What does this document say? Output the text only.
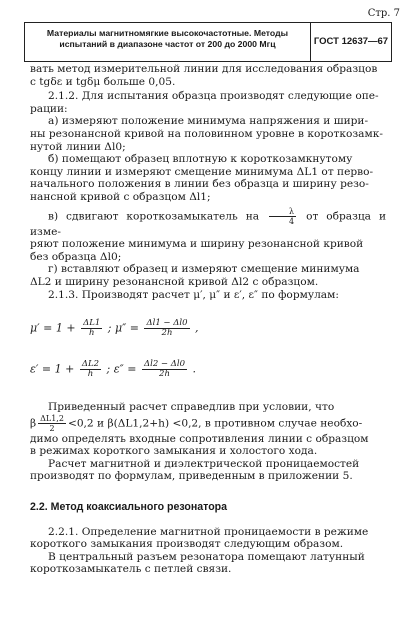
Стр. 7
Материалы магнитномягкие высокочастотные. Методы
испытаний в диапазоне частот от 200 до 2000 Мгц	ГОСТ 12637—67

вать метод измерительной линии для исследования образцов

с tgδε и tgδμ больше 0,05.

2.1.2. Для испытания образца производят следующие опе-

рации:

а) измеряют положение минимума напряжения и шири-

ны резонансной кривой на половинном уровне в короткозамк-

нутой линии Δl0;

б) помещают образец вплотную к короткозамкнутому

концу линии и измеряют смещение минимума ΔL1 от перво-

начального положения в линии без образца и ширину резо-

нансной кривой с образцом Δl1;

в) сдвигают короткозамыкатель на $\frac{\lambda}{4}$ от образца и изме-

ряют положение минимума и ширину резонансной кривой

без образца Δl0;

г) вставляют образец и измеряют смещение минимума

ΔL2 и ширину резонансной кривой Δl2 с образцом.

2.1.3. Производят расчет μ′, μ″ и ε′, ε″ по формулам:

$\mu' = 1 + \frac{\Delta L1}{h}$ ; $\mu'' = \frac{\Delta l1 - \Delta l0}{2h}$ ,

$\varepsilon' = 1 + \frac{\Delta L2}{h}$ ; $\varepsilon'' = \frac{\Delta l2 - \Delta l0}{2h}$ .

Приведенный расчет справедлив при условии, что

β $\frac{\Delta L1,2}{2} <0,2$ и β(ΔL1,2+h) <0,2, в противном случае необхо-

димо определять входные сопротивления линии с образцом

в режимах короткого замыкания и холостого хода.

Расчет магнитной и диэлектрической проницаемостей

производят по формулам, приведенным в приложении 5.

2.2. Метод коаксиального резонатора

2.2.1. Определение магнитной проницаемости в режиме

короткого замыкания производят следующим образом.

В центральный разъем резонатора помещают латунный

короткозамыкатель с петлей связи.
